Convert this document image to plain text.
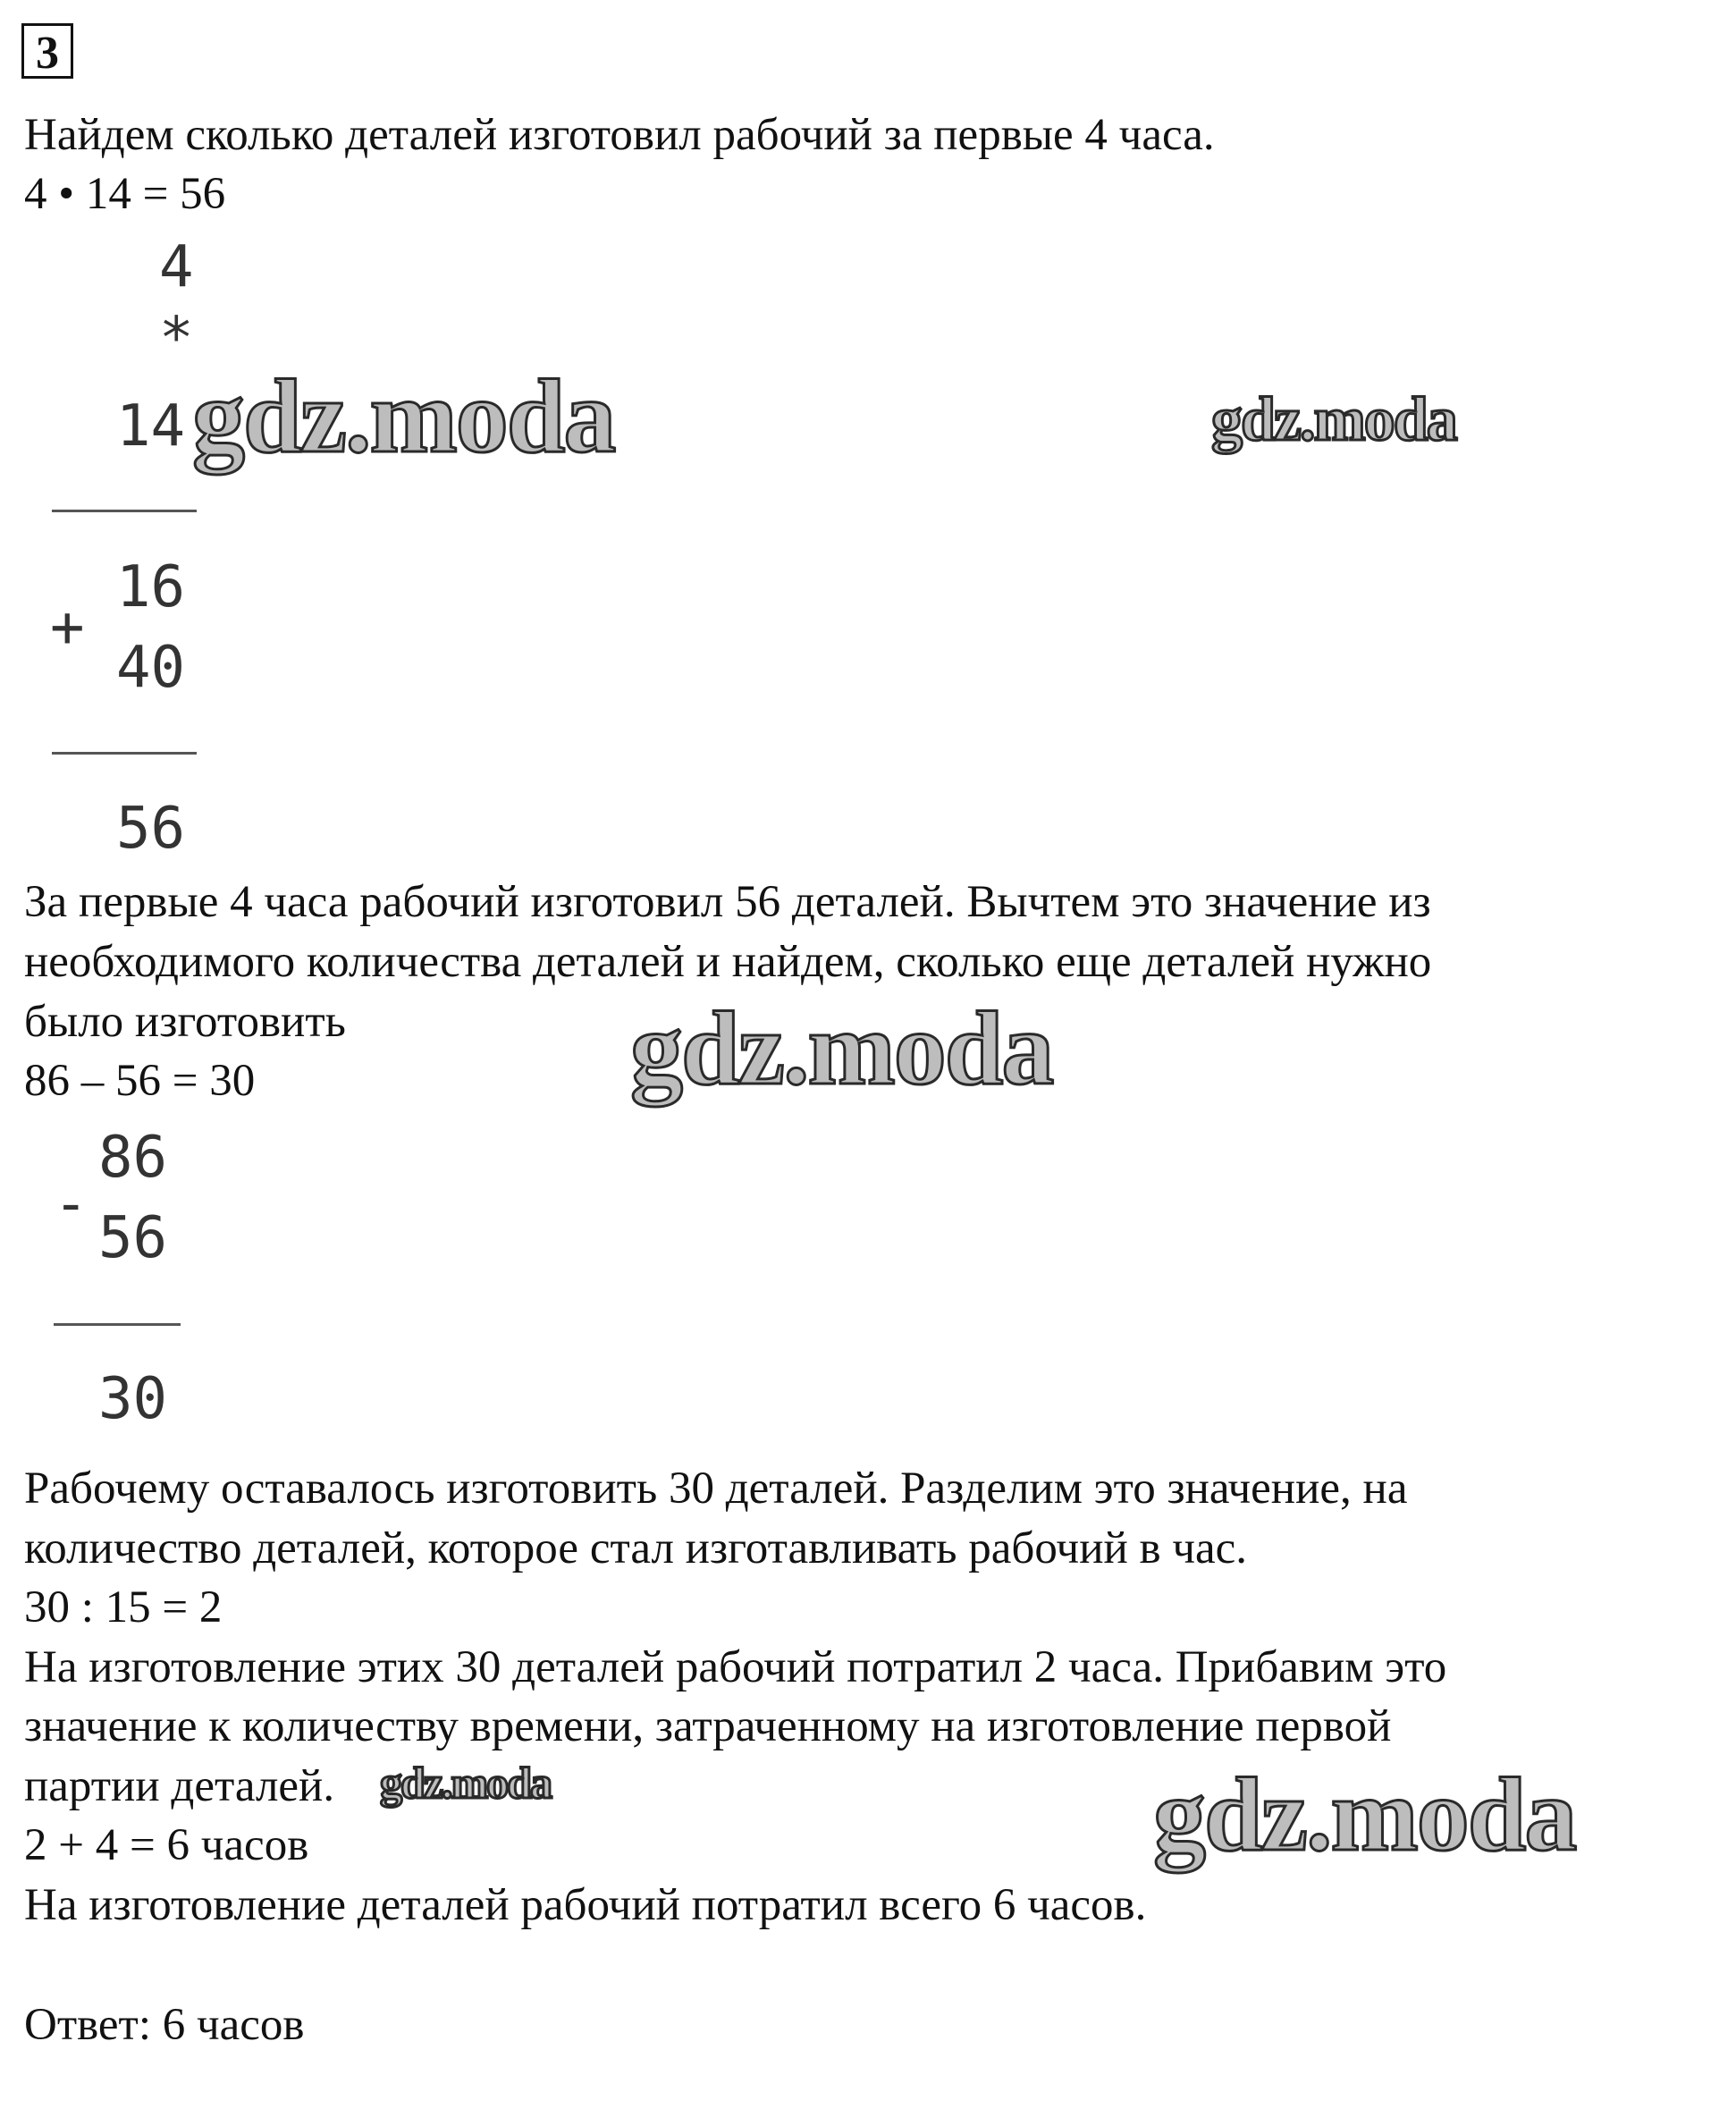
3
Найдем сколько деталей изготовил рабочий за первые 4 часа.
4 • 14 = 56
4
*
14
16
+
40
56
За первые 4 часа рабочий изготовил 56 деталей. Вычтем это значение из
необходимого количества деталей и найдем, сколько еще деталей нужно
было изготовить
86 – 56 = 30
-
86
56
30
Рабочему оставалось изготовить 30 деталей. Разделим это значение, на
количество деталей, которое стал изготавливать рабочий в час.
30 : 15 = 2
На изготовление этих 30 деталей рабочий потратил 2 часа. Прибавим это
значение к количеству времени, затраченному на изготовление первой
партии деталей.
2 + 4 = 6 часов
На изготовление деталей рабочий потратил всего 6 часов.
Ответ: 6 часов
gdz.moda	gdz.moda
gdz.moda
gdz.moda	gdz.moda
